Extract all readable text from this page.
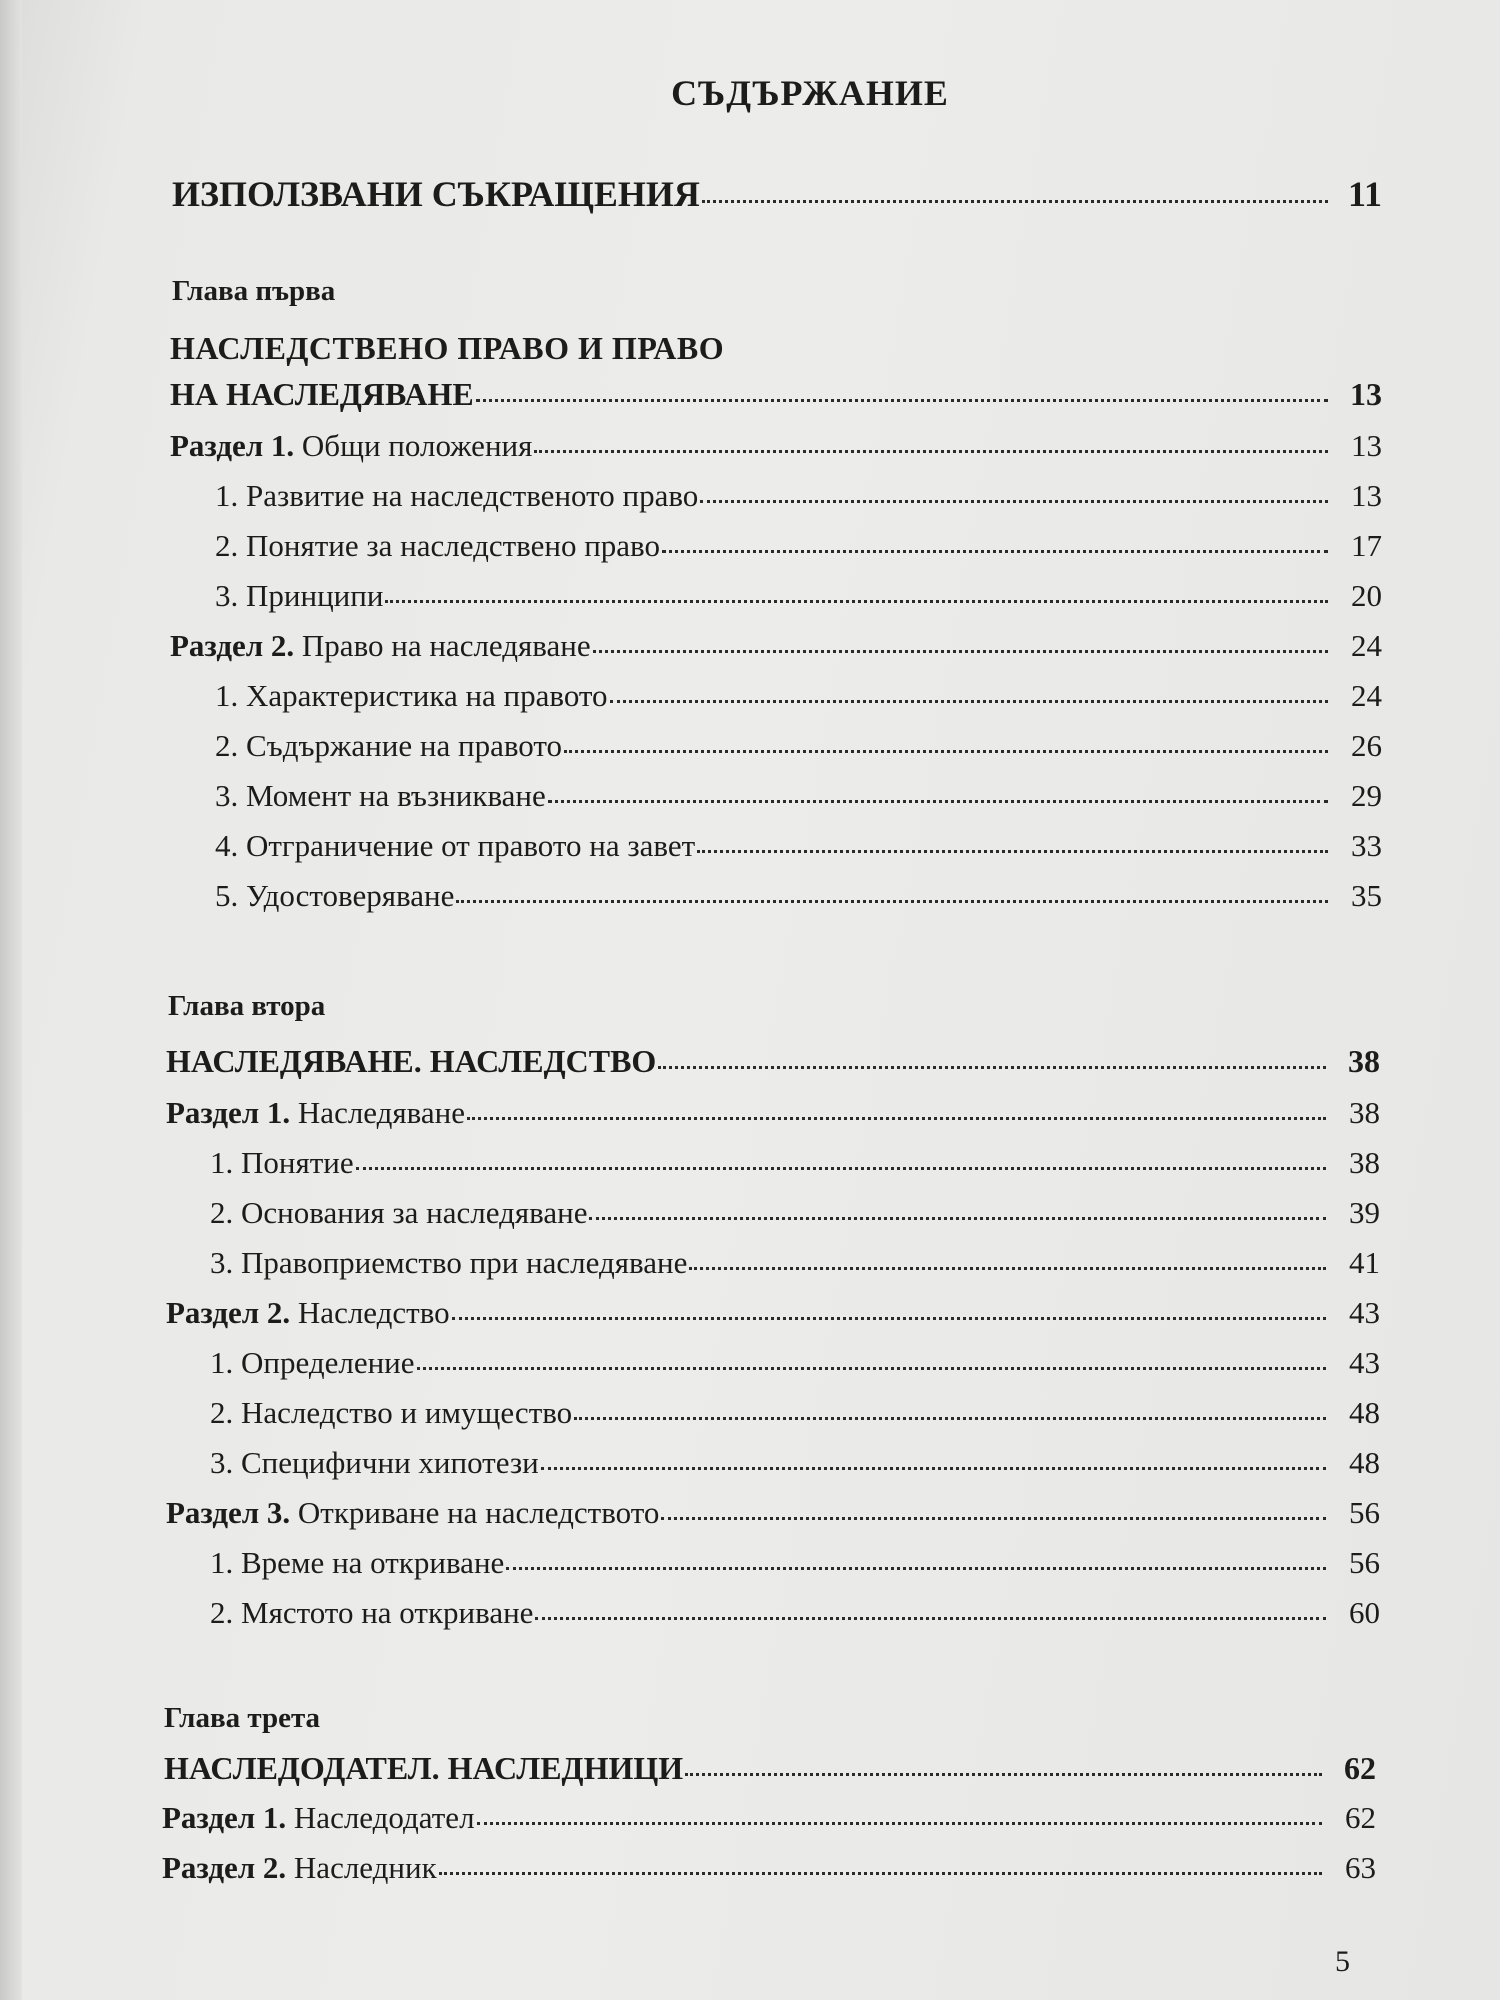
СЪДЪРЖАНИЕ
ИЗПОЛЗВАНИ СЪКРАЩЕНИЯ	11
Глава първа
НАСЛЕДСТВЕНО ПРАВО И ПРАВО
НА НАСЛЕДЯВАНЕ	13
Раздел 1. Общи положения	13
1. Развитие на наследственото право	13
2. Понятие за наследствено право	17
3. Принципи	20
Раздел 2. Право на наследяване	24
1. Характеристика на правото	24
2. Съдържание на правото	26
3. Момент на възникване	29
4. Отграничение от правото на завет	33
5. Удостоверяване	35
Глава втора
НАСЛЕДЯВАНЕ. НАСЛЕДСТВО	38
Раздел 1. Наследяване	38
1. Понятие	38
2. Основания за наследяване	39
3. Правоприемство при наследяване	41
Раздел 2. Наследство	43
1. Определение	43
2. Наследство и имущество	48
3. Специфични хипотези	48
Раздел 3. Откриване на наследството	56
1. Време на откриване	56
2. Мястото на откриване	60
Глава трета
НАСЛЕДОДАТЕЛ. НАСЛЕДНИЦИ	62
Раздел 1. Наследодател	62
Раздел 2. Наследник	63
5
